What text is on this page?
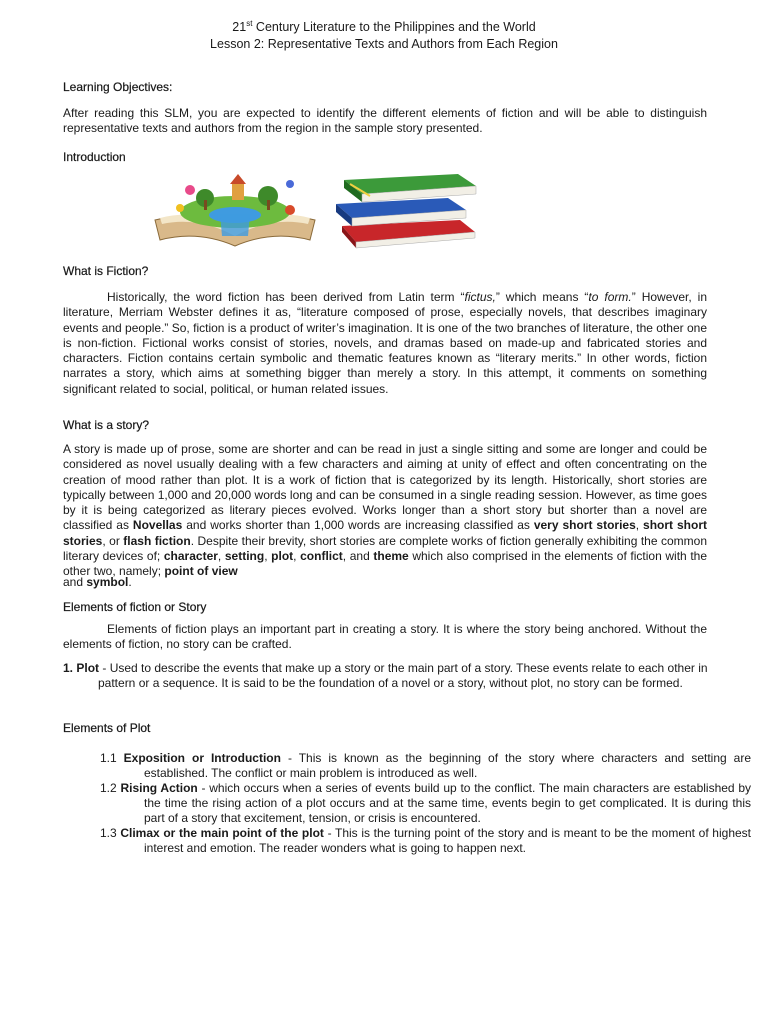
21st Century Literature to the Philippines and the World
Lesson 2: Representative Texts and Authors from Each Region
Learning Objectives:
After reading this SLM, you are expected to identify the different elements of fiction and will be able to distinguish representative texts and authors from the region in the sample story presented.
Introduction
What is Fiction?
Historically, the word fiction has been derived from Latin term “fictus,” which means “to form.” However, in literature, Merriam Webster defines it as, “literature composed of prose, especially novels, that describes imaginary events and people.” So, fiction is a product of writer’s imagination. It is one of the two branches of literature, the other one is non-fiction. Fictional works consist of stories, novels, and dramas based on made-up and fabricated stories and characters. Fiction contains certain symbolic and thematic features known as “literary merits.” In other words, fiction narrates a story, which aims at something bigger than merely a story. In this attempt, it comments on something significant related to social, political, or human related issues.
What is a story?
A story is made up of prose, some are shorter and can be read in just a single sitting and some are longer and could be considered as novel usually dealing with a few characters and aiming at unity of effect and often concentrating on the creation of mood rather than plot. It is a work of fiction that is categorized by its length. Historically, short stories are typically between 1,000 and 20,000 words long and can be consumed in a single reading session. However, as time goes by it is being categorized as literary pieces evolved. Works longer than a short story but shorter than a novel are classified as Novellas and works shorter than 1,000 words are increasing classified as very short stories, short short stories, or flash fiction. Despite their brevity, short stories are complete works of fiction generally exhibiting the common literary devices of; character, setting, plot, conflict, and theme which also comprised in the elements of fiction with the other two, namely; point of view
and symbol.
Elements of fiction or Story
Elements of fiction plays an important part in creating a story. It is where the story being anchored. Without the elements of fiction, no story can be crafted.
1. Plot - Used to describe the events that make up a story or the main part of a story. These events relate to each other in pattern or a sequence. It is said to be the foundation of a novel or a story, without plot, no story can be formed.
Elements of Plot
1.1 Exposition or Introduction - This is known as the beginning of the story where characters and setting are established. The conflict or main problem is introduced as well.
1.2 Rising Action - which occurs when a series of events build up to the conflict. The main characters are established by the time the rising action of a plot occurs and at the same time, events begin to get complicated. It is during this part of a story that excitement, tension, or crisis is encountered.
1.3 Climax or the main point of the plot - This is the turning point of the story and is meant to be the moment of highest interest and emotion. The reader wonders what is going to happen next.
